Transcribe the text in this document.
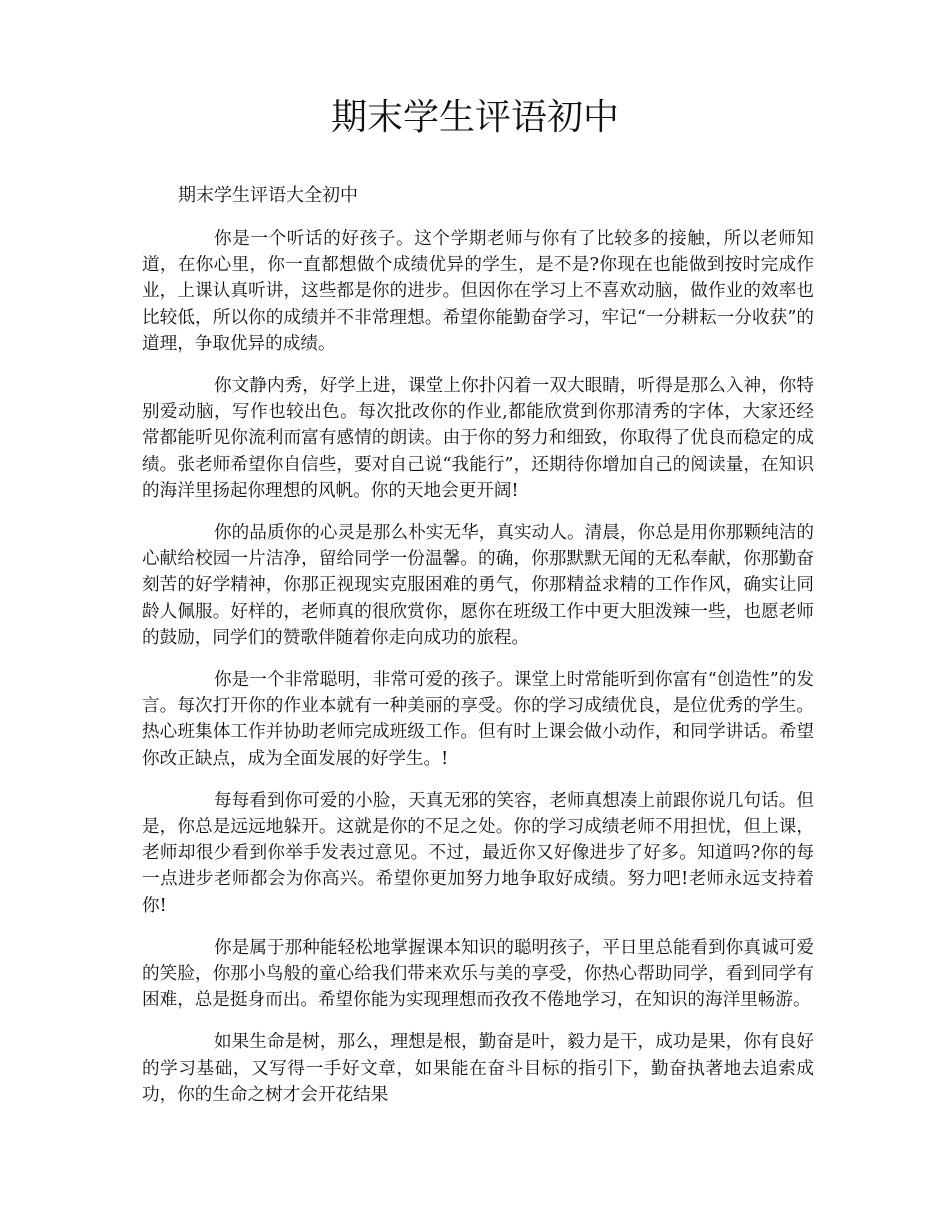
期末学生评语初中

期末学生评语大全初中

你是一个听话的好孩子。这个学期老师与你有了比较多的接触，所以老师知道，在你心里，你一直都想做个成绩优异的学生，是不是?你现在也能做到按时完成作业，上课认真听讲，这些都是你的进步。但因你在学习上不喜欢动脑，做作业的效率也比较低，所以你的成绩并不非常理想。希望你能勤奋学习，牢记“一分耕耘一分收获”的道理，争取优异的成绩。

你文静内秀，好学上进，课堂上你扑闪着一双大眼睛，听得是那么入神，你特别爱动脑，写作也较出色。每次批改你的作业,都能欣赏到你那清秀的字体，大家还经常都能听见你流利而富有感情的朗读。由于你的努力和细致，你取得了优良而稳定的成绩。张老师希望你自信些，要对自己说“我能行”，还期待你增加自己的阅读量，在知识的海洋里扬起你理想的风帆。你的天地会更开阔!

你的品质你的心灵是那么朴实无华，真实动人。清晨，你总是用你那颗纯洁的心献给校园一片洁净，留给同学一份温馨。的确，你那默默无闻的无私奉献，你那勤奋刻苦的好学精神，你那正视现实克服困难的勇气，你那精益求精的工作作风，确实让同龄人佩服。好样的，老师真的很欣赏你，愿你在班级工作中更大胆泼辣一些，也愿老师的鼓励，同学们的赞歌伴随着你走向成功的旅程。

你是一个非常聪明，非常可爱的孩子。课堂上时常能听到你富有“创造性”的发言。每次打开你的作业本就有一种美丽的享受。你的学习成绩优良，是位优秀的学生。热心班集体工作并协助老师完成班级工作。但有时上课会做小动作，和同学讲话。希望你改正缺点，成为全面发展的好学生。!

每每看到你可爱的小脸，天真无邪的笑容，老师真想凑上前跟你说几句话。但是，你总是远远地躲开。这就是你的不足之处。你的学习成绩老师不用担忧，但上课，老师却很少看到你举手发表过意见。不过，最近你又好像进步了好多。知道吗?你的每一点进步老师都会为你高兴。希望你更加努力地争取好成绩。努力吧!老师永远支持着你!

你是属于那种能轻松地掌握课本知识的聪明孩子，平日里总能看到你真诚可爱的笑脸，你那小鸟般的童心给我们带来欢乐与美的享受，你热心帮助同学，看到同学有困难，总是挺身而出。希望你能为实现理想而孜孜不倦地学习，在知识的海洋里畅游。

如果生命是树，那么，理想是根，勤奋是叶，毅力是干，成功是果，你有良好的学习基础，又写得一手好文章，如果能在奋斗目标的指引下，勤奋执著地去追索成功，你的生命之树才会开花结果
